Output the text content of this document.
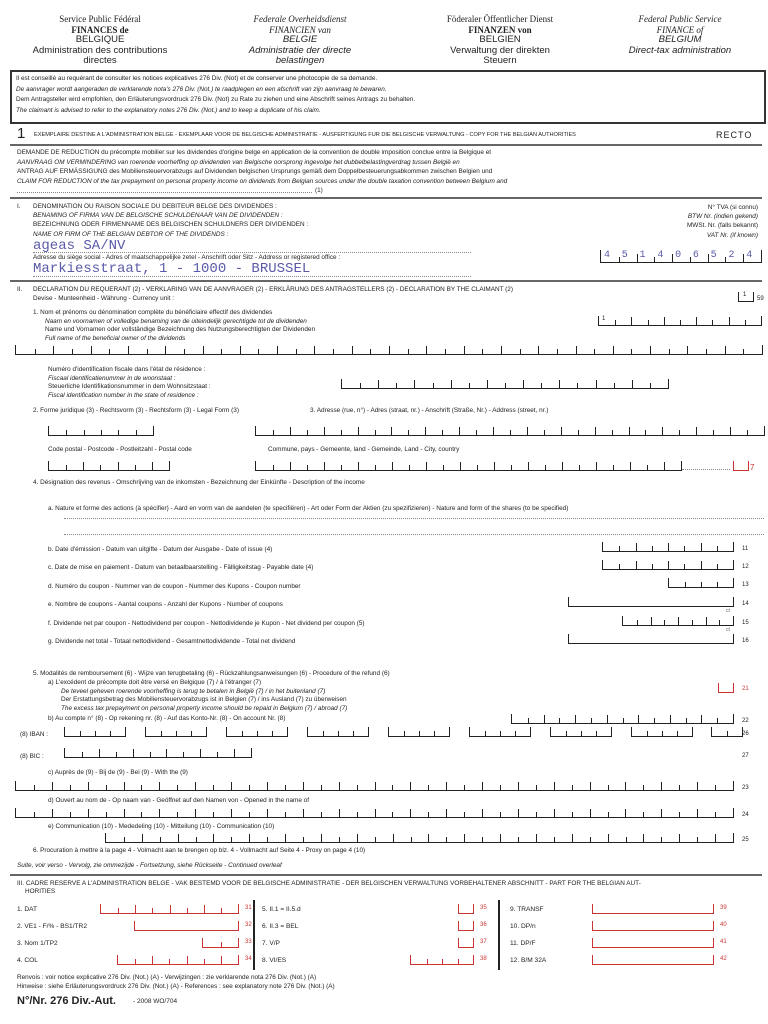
Service Public Fédéral
FINANCES de
BELGIQUE
Administration des contributions
directes
Federale Overheidsdienst
FINANCIEN van
BELGIE
Administratie der directe
belastingen
Föderaler Öffentlicher Dienst
FINANZEN von
BELGIEN
Verwaltung der direkten
Steuern
Federal Public Service
FINANCE of
BELGIUM
Direct-tax administration
Il est conseillé au requérant de consulter les notices explicatives 276 Div. (Not) et de conserver une photocopie de sa demande.
De aanvrager wordt aangeraden de verklarende nota's 276 Div. (Not.) te raadplegen en een afschrift van zijn aanvraag te bewaren.
Dem Antragsteller wird empfohlen, den Erläuterungsvordruck 276 Div. (Not) zu Rate zu ziehen und eine Abschrift seines Antrags zu behalten.
The claimant is advised to refer to the explanatory notes 276 Div. (Not.) and to keep a duplicate of his claim.
1 EXEMPLAIRE DESTINE A L'ADMINISTRATION BELGE - EXEMPLAAR VOOR DE BELGISCHE ADMINISTRATIE - AUSFERTIGUNG FUR DIE BELGISCHE VERWALTUNG - COPY FOR THE BELGIAN AUTHORITIES	RECTO
DEMANDE DE REDUCTION du précompte mobilier sur les dividendes d'origine belge en application de la convention de double imposition conclue entre la Belgique et
AANVRAAG OM VERMINDERING van roerende voorheffing op dividenden van Belgische oorsprong ingevolge het dubbelbelastingverdrag tussen België en
ANTRAG AUF ERMÄSSIGUNG des Mobiliensteuervorabzugs auf Dividenden belgischen Ursprungs gemäß dem Doppelbesteuerungsabkommen zwischen Belgien und
CLAIM FOR REDUCTION of the tax prepayment on personal property income on dividends from Belgian sources under the double taxation convention between Belgium and
(1)
I. DENOMINATION OU RAISON SOCIALE DU DEBITEUR BELGE DES DIVIDENDES :
BENAMING OF FIRMA VAN DE BELGISCHE SCHULDENAAR VAN DE DIVIDENDEN :
BEZEICHNUNG ODER FIRMENNAME DES BELGISCHEN SCHULDNERS DER DIVIDENDEN :
NAME OR FIRM OF THE BELGIAN DEBTOR OF THE DIVIDENDS :
ageas SA/NV
Adresse du siège social - Adres of maatschappelijke zetel - Anschrift oder Sitz - Address or registered office :
Markiesstraat, 1 - 1000 - BRUSSEL
N° TVA (si connu)
BTW Nr. (indien gekend)
MWSt. Nr. (falls bekannt)
VAT Nr. (if known)
4 5 1 4 0 6 5 2 4
II. DECLARATION DU REQUERANT (2) - VERKLARING VAN DE AANVRAGER (2) - ERKLÄRUNG DES ANTRAGSTELLERS (2) - DECLARATION BY THE CLAIMANT (2)
Devise - Munteenheid - Währung - Currency unit :	1
59
1. Nom et prénoms ou dénomination complète du bénéficiaire effectif des dividendes
Naam en voornamen of volledige benaming van de uiteindelijk gerechtigde tot de dividenden
Name und Vornamen oder vollständige Bezeichnung des Nutzungsberechtigten der Dividenden
Full name of the beneficial owner of the dividends
1
Numéro d'identification fiscale dans l'état de résidence :
Fiscaal identificatienummer in de woonstaat :
Steuerliche Identifikationsnummer in dem Wohnsitzstaat :
Fiscal identification number in the state of residence :
2. Forme juridique (3) - Rechtsvorm (3) - Rechtsform (3) - Legal Form (3)	3. Adresse (rue, n°) - Adres (straat, nr.) - Anschrift (Straße, Nr.) - Address (street, nr.)
Code postal - Postcode - Postleitzahl - Postal code	Commune, pays - Gemeente, land - Gemeinde, Land - City, country
7
4. Désignation des revenus - Omschrijving van de inkomsten - Bezeichnung der Einkünfte - Description of the income
a. Nature et forme des actions (à spécifier) - Aard en vorm van de aandelen (te specifiëren) - Art oder Form der Aktien (zu spezifizieren) - Nature and form of the shares (to be specified)
b. Date d'émission - Datum van uitgifte - Datum der Ausgabe - Date of issue (4)	11
c. Date de mise en paiement - Datum van betaalbaarstelling - Fälligkeitstag - Payable date (4)	12
d. Numéro du coupon - Nummer van de coupon - Nummer des Kupons - Coupon number	13
e. Nombre de coupons - Aantal coupons - Anzahl der Kupons - Number of coupons	14
f. Dividende net par coupon - Nettodividend per coupon - Nettodividende je Kupon - Net dividend per coupon (5)
ct
15
g. Dividende net total - Totaal nettodividend - Gesamtnettodividende - Total net dividend
ct
16
5. Modalités de remboursement (6) - Wijze van terugbetaling (6) - Rückzahlungsanweisungen (6) - Procedure of the refund (6)
a) L'excédent de précompte doit être versé en Belgique (7) / à l'étranger (7)
De teveel geheven roerende voorheffing is terug te betalen in België (7) / in het buitenland (7)
Der Erstattungsbetrag des Mobiliensteuervorabzugs ist in Belgien (7) / ins Ausland (7) zu überweisen
The excess tax prepayment on personal property income should be repaid in Belgium (7) / abroad (7)
21
b) Au compte n° (8) - Op rekening nr. (8) - Auf das Konto-Nr. (8) - On account Nr. (8)	22
(8) IBAN :	26
(8) BIC :	27
c) Auprès de (9) - Bij de (9) - Bei (9) - With the (9)
23
d) Ouvert au nom de - Op naam van - Geöffnet auf den Namen von - Opened in the name of
24
e) Communication (10) - Mededeling (10) - Mitteilung (10) - Communication (10)
25
6. Procuration à mettre à la page 4 - Volmacht aan te brengen op blz. 4 - Vollmacht auf Seite 4 - Proxy on page 4 (10)
Suite, voir verso - Vervolg, zie ommezijde - Fortsetzung, siehe Rückseite - Continued overleaf
III. CADRE RESERVE A L'ADMINISTRATION BELGE - VAK BESTEMD VOOR DE BELGISCHE ADMINISTRATIE - DER BELGISCHEN VERWALTUNG VORBEHALTENER ABSCHNITT - PART FOR THE BELGIAN AUT-
HORITIES
1. DAT	31
2. VE1 - F/% - BS1/TR2	32
3. Nom 1/TP2	33
4. COL	34
5. II.1 = II.5.d	35
6. II.3 = BEL	36
7. V/P	37
8. VI/ES	38
9. TRANSF	39
10. DP/n	40
11. DP/F	41
12. B/M 32A	42
Renvois : voir notice explicative 276 Div. (Not.) (A) - Verwijzingen : zie verklarende nota 276 Div. (Not.) (A)
Hinweise : siehe Erläuterungsvordruck 276 Div. (Not.) (A) - References : see explanatory note 276 Div. (Not.) (A)
N°/Nr. 276 Div.-Aut.	- 2008 WO/704
